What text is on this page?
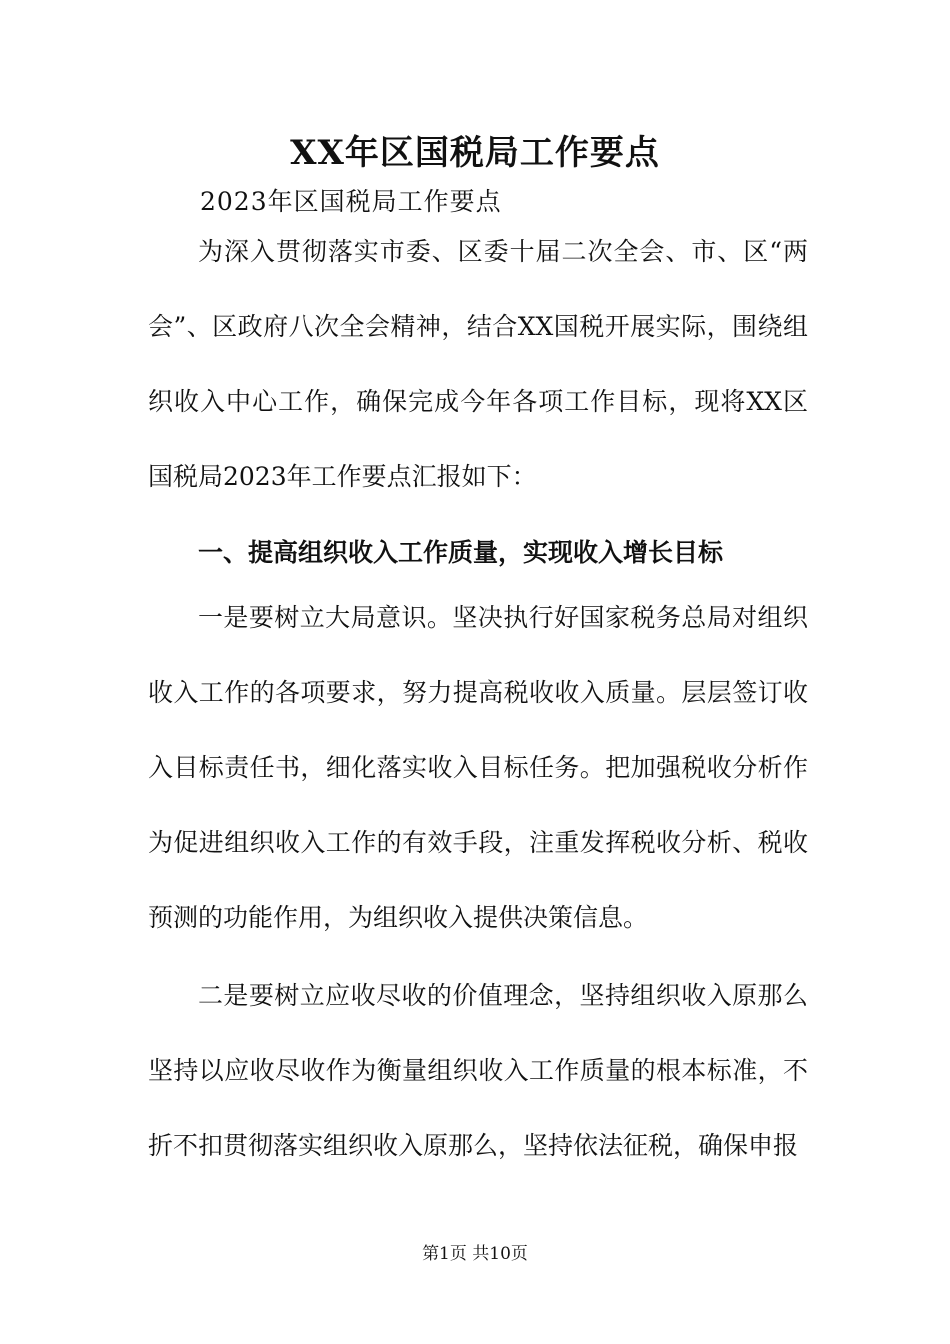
XX年区国税局工作要点
2023年区国税局工作要点

为深入贯彻落实市委、区委十届二次全会、市、区“两会”、区政府八次全会精神，结合XX国税开展实际，围绕组织收入中心工作，确保完成今年各项工作目标，现将XX区国税局2023年工作要点汇报如下：

一、提高组织收入工作质量，实现收入增长目标

一是要树立大局意识。坚决执行好国家税务总局对组织收入工作的各项要求，努力提高税收收入质量。层层签订收入目标责任书，细化落实收入目标任务。把加强税收分析作为促进组织收入工作的有效手段，注重发挥税收分析、税收预测的功能作用，为组织收入提供决策信息。

二是要树立应收尽收的价值理念，坚持组织收入原那么坚持以应收尽收作为衡量组织收入工作质量的根本标准，不折不扣贯彻落实组织收入原那么，坚持依法征税，确保申报

第1页 共10页
